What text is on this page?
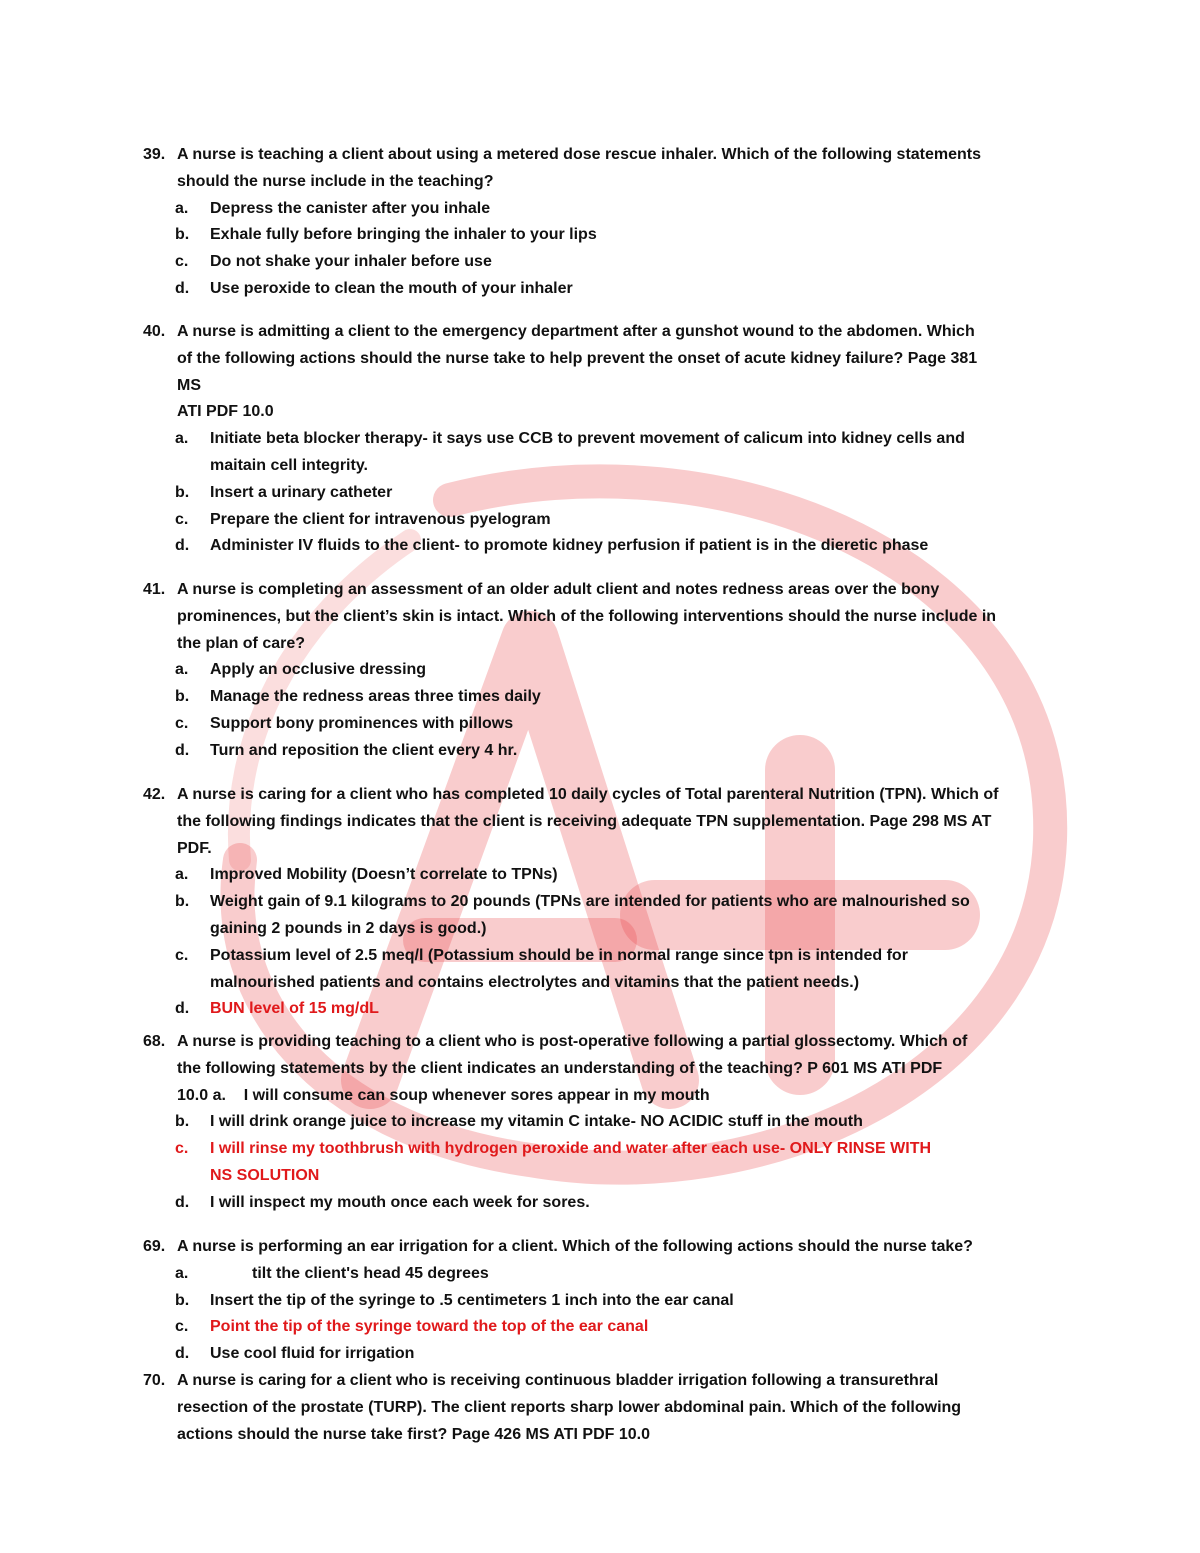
39. A nurse is teaching a client about using a metered dose rescue inhaler. Which of the following statements
should the nurse include in the teaching?
a. Depress the canister after you inhale
b. Exhale fully before bringing the inhaler to your lips
c. Do not shake your inhaler before use
d. Use peroxide to clean the mouth of your inhaler
40. A nurse is admitting a client to the emergency department after a gunshot wound to the abdomen. Which
of the following actions should the nurse take to help prevent the onset of acute kidney failure? Page 381
MS
ATI PDF 10.0
a. Initiate beta blocker therapy- it says use CCB to prevent movement of calicum into kidney cells and
maitain cell integrity.
b. Insert a urinary catheter
c. Prepare the client for intravenous pyelogram
d. Administer IV fluids to the client- to promote kidney perfusion if patient is in the dieretic phase
41. A nurse is completing an assessment of an older adult client and notes redness areas over the bony
prominences, but the client’s skin is intact. Which of the following interventions should the nurse include in
the plan of care?
a. Apply an occlusive dressing
b. Manage the redness areas three times daily
c. Support bony prominences with pillows
d. Turn and reposition the client every 4 hr.
42. A nurse is caring for a client who has completed 10 daily cycles of Total parenteral Nutrition (TPN). Which of
the following findings indicates that the client is receiving adequate TPN supplementation. Page 298 MS AT
PDF.
a. Improved Mobility (Doesn’t correlate to TPNs)
b. Weight gain of 9.1 kilograms to 20 pounds (TPNs are intended for patients who are malnourished so
gaining 2 pounds in 2 days is good.)
c. Potassium level of 2.5 meq/l (Potassium should be in normal range since tpn is intended for
malnourished patients and contains electrolytes and vitamins that the patient needs.)
d. BUN level of 15 mg/dL
68. A nurse is providing teaching to a client who is post-operative following a partial glossectomy. Which of
the following statements by the client indicates an understanding of the teaching? P 601 MS ATI PDF
10.0 a. I will consume can soup whenever sores appear in my mouth
b. I will drink orange juice to increase my vitamin C intake- NO ACIDIC stuff in the mouth
c. I will rinse my toothbrush with hydrogen peroxide and water after each use- ONLY RINSE WITH
NS SOLUTION
d. I will inspect my mouth once each week for sores.
69. A nurse is performing an ear irrigation for a client. Which of the following actions should the nurse take?
a.	tilt the client's head 45 degrees
b. Insert the tip of the syringe to .5 centimeters 1 inch into the ear canal
c. Point the tip of the syringe toward the top of the ear canal
d. Use cool fluid for irrigation
70. A nurse is caring for a client who is receiving continuous bladder irrigation following a transurethral
resection of the prostate (TURP). The client reports sharp lower abdominal pain. Which of the following
actions should the nurse take first? Page 426 MS ATI PDF 10.0
